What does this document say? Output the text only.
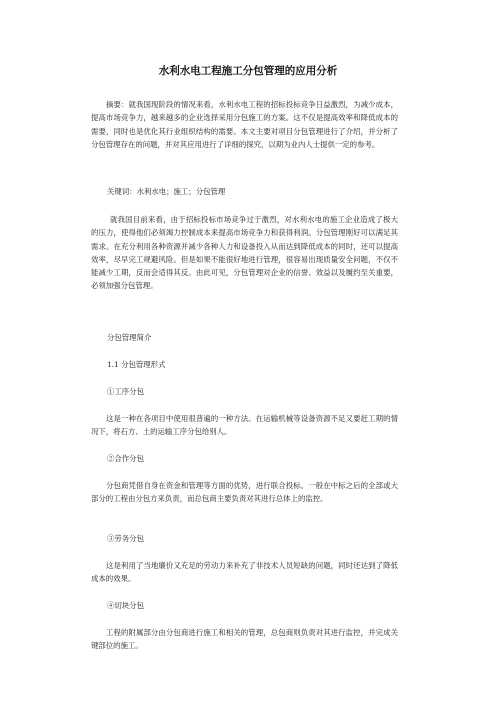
水利水电工程施工分包管理的应用分析

摘要：就我国现阶段的情况来看，水利水电工程的招标投标竞争日益激烈，为减少成本，提高市场竞争力，越来越多的企业选择采用分包施工的方案。这不仅是提高效率和降低成本的需要，同时也是优化其行业组织结构的需要。本文主要对项目分包管理进行了介绍，并分析了分包管理存在的问题，并对其应用进行了详细的探究，以期为业内人士提供一定的参考。

关键词：水利水电；施工；分包管理

就我国目前来看，由于招标投标市场竞争过于激烈，对水利水电的施工企业造成了极大的压力，使得他们必须竭力控制成本来提高市场竞争力和获得利润。分包管理刚好可以满足其需求。在充分利用各种资源并减少各种人力和设备投入从而达到降低成本的同时，还可以提高效率，尽早完工规避风险。但是如果不能很好地进行管理，很容易出现质量安全问题，不仅不能减少工期，反而会适得其反。由此可见，分包管理对企业的信誉、效益以及履约至关重要，必须加强分包管理。

分包管理简介

1.1 分包管理形式

①工序分包

这是一种在各项目中使用很普遍的一种方法。在运输机械等设备资源不足又要赶工期的情况下，将石方、土的运输工序分包给别人。

②合作分包

分包商凭借自身在资金和管理等方面的优势，进行联合投标。一般在中标之后的全部或大部分的工程由分包方来负责，而总包商主要负责对其进行总体上的监控。

③劳务分包

这是利用了当地廉价又充足的劳动力来补充了非技术人员短缺的问题，同时还达到了降低成本的效果。

④切块分包

工程的附属部分由分包商进行施工和相关的管理，总包商则负责对其进行监控，并完成关键部位的施工。
